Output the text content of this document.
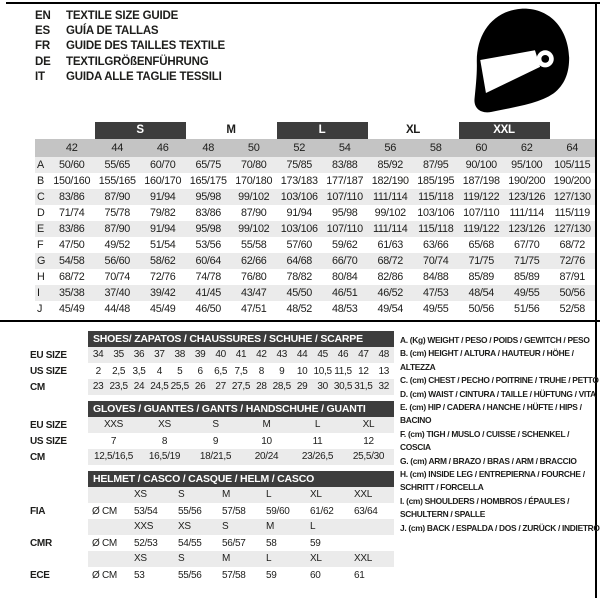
EN	TEXTILE SIZE GUIDE
ES	GUÍA DE TALLAS
FR	GUIDE DES TAILLES TEXTILE
DE	TEXTILGRÖßENFÜHRUNG
IT	GUIDA ALLE TAGLIE TESSILI
S	M	L	XL	XXL
42	44	46	48	50	52	54	56	58	60	62	64
A	50/60	55/65	60/70	65/75	70/80	75/85	83/88	85/92	87/95	90/100	95/100	105/115
B 150/160 155/165 160/170 165/175 170/180 173/183 177/187 182/190 185/195 187/198 190/200 190/200
C	83/86	87/90	91/94	95/98	99/102	103/106 107/110 111/114 115/118 119/122 123/126 127/130
D	71/74	75/78	79/82	83/86	87/90	91/94	95/98	99/102	103/106 107/110 111/114 115/119
E	83/86	87/90	91/94	95/98	99/102	103/106 107/110 111/114 115/118 119/122 123/126 127/130
F	47/50	49/52	51/54	53/56	55/58	57/60	59/62	61/63	63/66	65/68	67/70	68/72
G	54/58	56/60	58/62	60/64	62/66	64/68	66/70	68/72	70/74	71/75	71/75	72/76
H	68/72	70/74	72/76	74/78	76/80	78/82	80/84	82/86	84/88	85/89	85/89	87/91
I	35/38	37/40	39/42	41/45	43/47	45/50	46/51	46/52	47/53	48/54	49/55	50/56
J	45/49	44/48	45/49	46/50	47/51	48/52	48/53	49/54	49/55	50/56	51/56	52/58
SHOES/ ZAPATOS / CHAUSSURES / SCHUHE / SCARPE
EU SIZE	34 35 36 37 38 39 40 41 42 43 44 45 46 47 48
US SIZE	2	2,5 3,5	4	5	6	6,5 7,5	8	9	10 10,5 11,5 12 13
CM	23 23,5 24 24,5 25,5 26 27 27,5 28 28,5 29 30 30,5 31,5 32
GLOVES / GUANTES / GANTS / HANDSCHUHE / GUANTI
EU SIZE	XXS	XS	S	M	L	XL
US SIZE	7	8	9	10	11	12
CM	12,5/16,5	16,5/19	18/21,5	20/24	23/26,5	25,5/30
HELMET / CASCO / CASQUE / HELM / CASCO
XS	S	M	L	XL	XXL
FIA	Ø CM	53/54	55/56	57/58	59/60	61/62	63/64
XXS	XS	S	M	L
CMR	Ø CM	52/53	54/55	56/57	58	59
XS	S	M	L	XL	XXL
ECE	Ø CM	53	55/56	57/58	59	60	61
A. (Kg) WEIGHT / PESO / POIDS / GEWITCH / PESO
B. (cm) HEIGHT / ALTURA / HAUTEUR / HÖHE / ALTEZZA
C. (cm) CHEST / PECHO / POITRINE / TRUHE / PETTO
D. (cm) WAIST / CINTURA / TAILLE / HÜFTUNG / VITA
E. (cm) HIP / CADERA / HANCHE / HÜFTE / HIPS / BACINO
F. (cm) TIGH / MUSLO / CUISSE / SCHENKEL / COSCIA
G. (cm) ARM / BRAZO / BRAS / ARM / BRACCIO
H. (cm) INSIDE LEG / ENTREPIERNA / FOURCHE / SCHRITT / FORCELLA
I. (cm) SHOULDERS / HOMBROS / ÉPAULES / SCHULTERN / SPALLE
J. (cm) BACK / ESPALDA / DOS / ZURÜCK / INDIETRO
